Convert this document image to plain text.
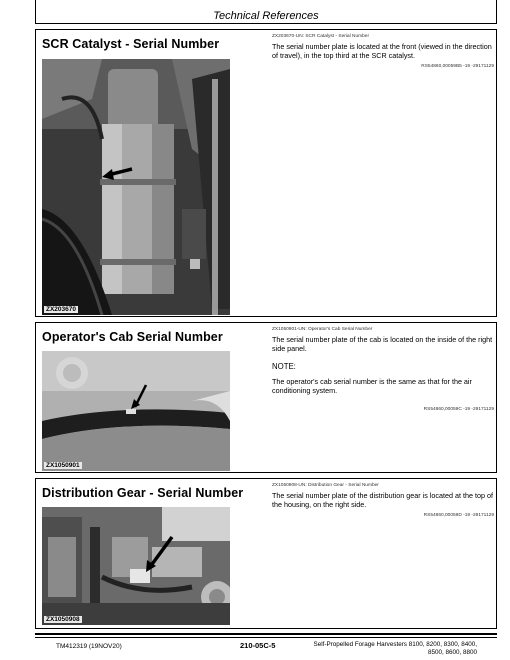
Technical References
SCR Catalyst - Serial Number
ZX203670
ZX203670-UN: SCR Catalyst - Serial Number
The serial number plate is located at the front (viewed in the direction of travel), in the top third at the SCR catalyst.
RS54860,00059B5 -19 -29171129
Operator's Cab Serial Number
ZX1050901
ZX1050901-UN: Operator's Cab Serial Number
The serial number plate of the cab is located on the inside of the right side panel.
NOTE:
The operator's cab serial number is the same as that for the air conditioning system.
RS54860,00059C -19 -29171129
Distribution Gear - Serial Number
ZX1050908
ZX1050908-UN: Distribution Gear - Serial Number
The serial number plate of the distribution gear is located at the top of the housing, on the right side.
RS54860,00059D -19 -29171129
TM412319 (19NOV20)	210-05C-5	Self-Propelled Forage Harvesters 8100, 8200, 8300, 8400, 8500, 8600, 8800
